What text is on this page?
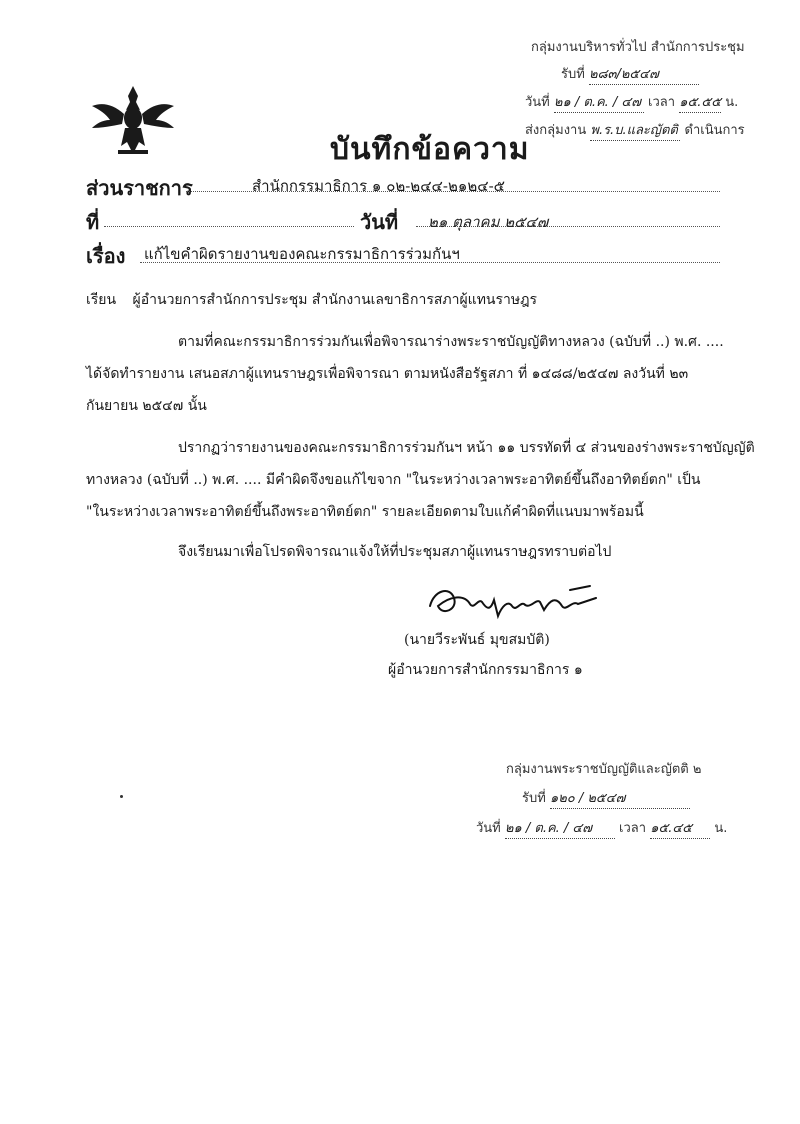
กลุ่มงานบริหารทั่วไป สำนักการประชุม
รับที่ ๒๘๓/๒๕๔๗
วันที่ ๒๑ / ต.ค. / ๔๗ เวลา ๑๕.๕๕ น.
ส่งกลุ่มงาน พ.ร.บ.และญัตติ ดำเนินการ
บันทึกข้อความ
ส่วนราชการ	สำนักกรรมาธิการ ๑ ๐๒-๒๔๔-๒๑๒๔-๕
ที่	วันที่ ๒๑ ตุลาคม ๒๕๔๗
เรื่อง แก้ไขคำผิดรายงานของคณะกรรมาธิการร่วมกันฯ
เรียน ผู้อำนวยการสำนักการประชุม สำนักงานเลขาธิการสภาผู้แทนราษฎร
ตามที่คณะกรรมาธิการร่วมกันเพื่อพิจารณาร่างพระราชบัญญัติทางหลวง (ฉบับที่ ..) พ.ศ. ....
ได้จัดทำรายงาน เสนอสภาผู้แทนราษฎรเพื่อพิจารณา ตามหนังสือรัฐสภา ที่ ๑๔๘๘/๒๕๔๗ ลงวันที่ ๒๓
กันยายน ๒๕๔๗ นั้น
ปรากฏว่ารายงานของคณะกรรมาธิการร่วมกันฯ หน้า ๑๑ บรรทัดที่ ๔ ส่วนของร่างพระราชบัญญัติ
ทางหลวง (ฉบับที่ ..) พ.ศ. .... มีคำผิดจึงขอแก้ไขจาก "ในระหว่างเวลาพระอาทิตย์ขึ้นถึงอาทิตย์ตก" เป็น
"ในระหว่างเวลาพระอาทิตย์ขึ้นถึงพระอาทิตย์ตก" รายละเอียดตามใบแก้คำผิดที่แนบมาพร้อมนี้
จึงเรียนมาเพื่อโปรดพิจารณาแจ้งให้ที่ประชุมสภาผู้แทนราษฎรทราบต่อไป
(นายวีระพันธ์ มุขสมบัติ)
ผู้อำนวยการสำนักกรรมาธิการ ๑
กลุ่มงานพระราชบัญญัติและญัตติ ๒
รับที่ ๑๒๐ / ๒๕๔๗
วันที่ ๒๑ / ต.ค. / ๔๗ เวลา ๑๕.๔๕ น.
